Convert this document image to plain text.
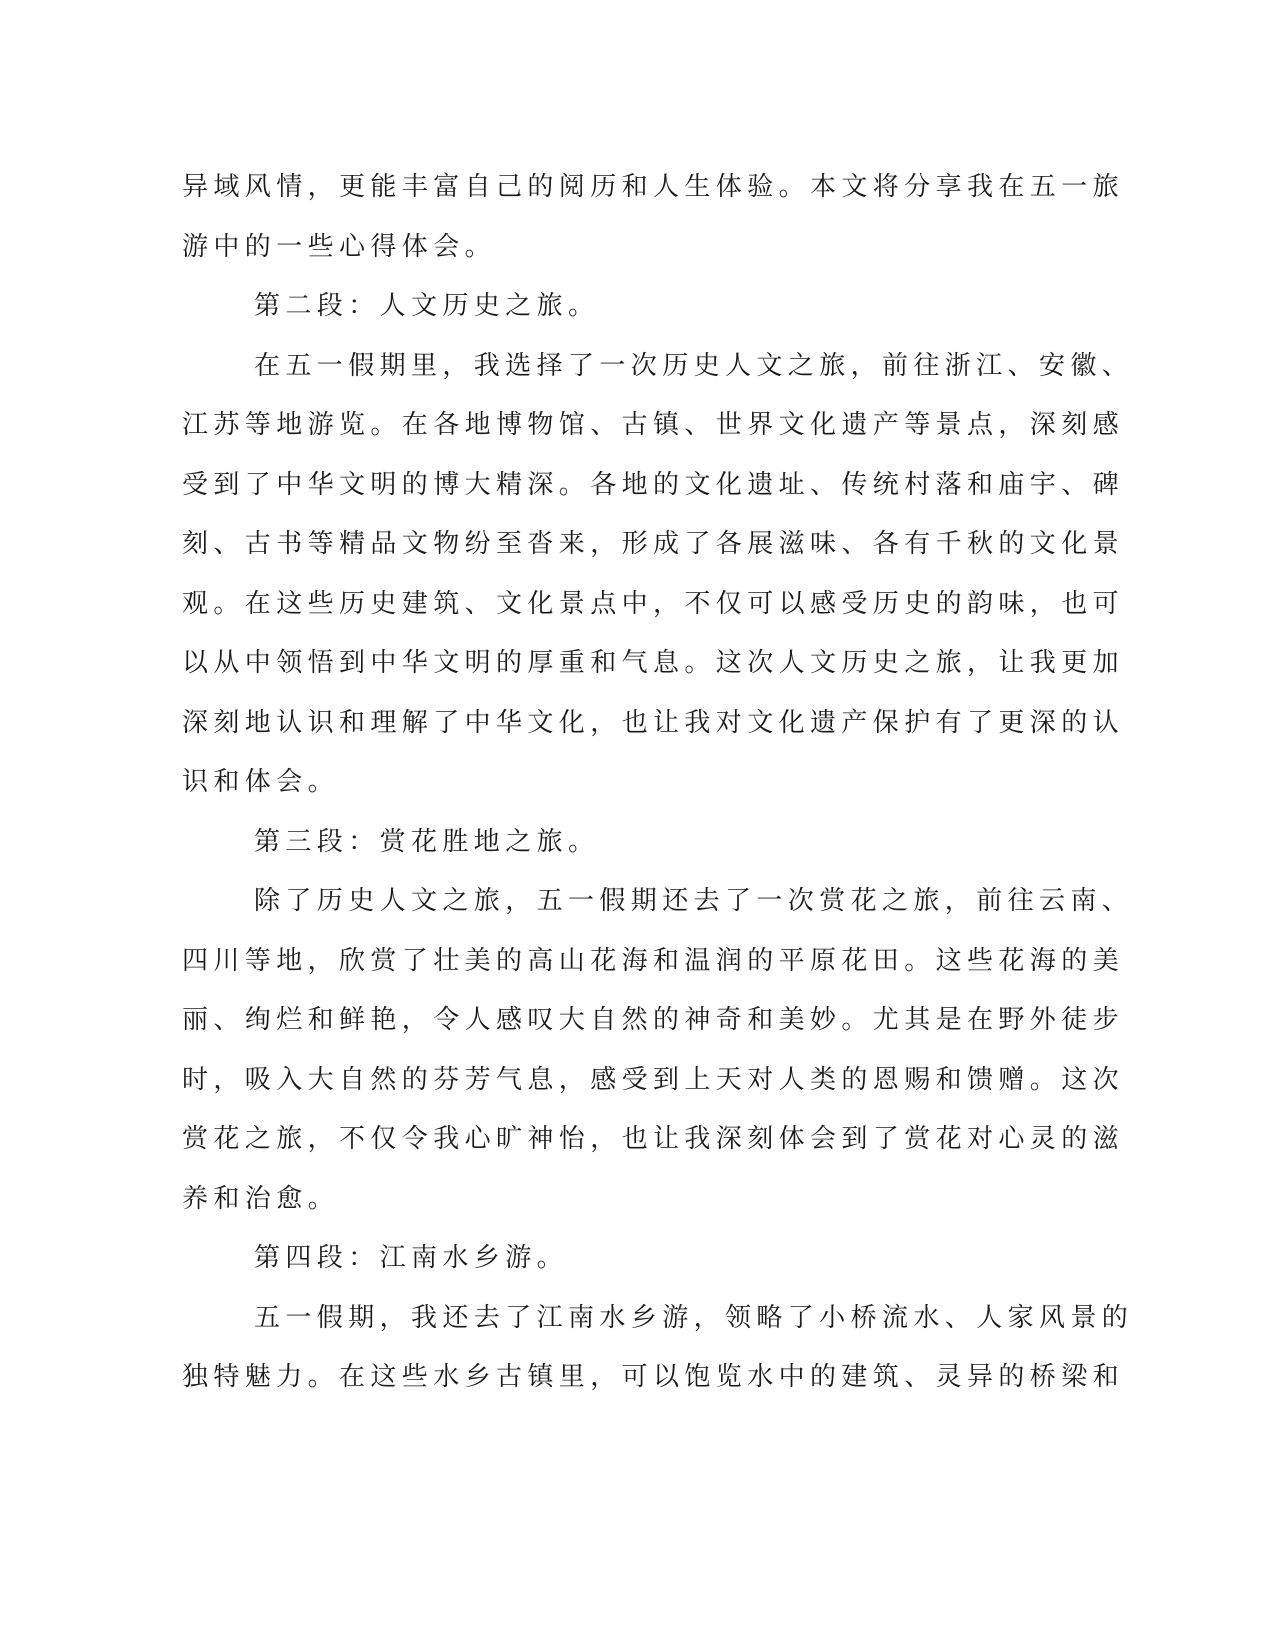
异域风情，更能丰富自己的阅历和人生体验。本文将分享我在五一旅
游中的一些心得体会。
第二段：人文历史之旅。
在五一假期里，我选择了一次历史人文之旅，前往浙江、安徽、
江苏等地游览。在各地博物馆、古镇、世界文化遗产等景点，深刻感
受到了中华文明的博大精深。各地的文化遗址、传统村落和庙宇、碑
刻、古书等精品文物纷至沓来，形成了各展滋味、各有千秋的文化景
观。在这些历史建筑、文化景点中，不仅可以感受历史的韵味，也可
以从中领悟到中华文明的厚重和气息。这次人文历史之旅，让我更加
深刻地认识和理解了中华文化，也让我对文化遗产保护有了更深的认
识和体会。
第三段：赏花胜地之旅。
除了历史人文之旅，五一假期还去了一次赏花之旅，前往云南、
四川等地，欣赏了壮美的高山花海和温润的平原花田。这些花海的美
丽、绚烂和鲜艳，令人感叹大自然的神奇和美妙。尤其是在野外徒步
时，吸入大自然的芬芳气息，感受到上天对人类的恩赐和馈赠。这次
赏花之旅，不仅令我心旷神怡，也让我深刻体会到了赏花对心灵的滋
养和治愈。
第四段：江南水乡游。
五一假期，我还去了江南水乡游，领略了小桥流水、人家风景的
独特魅力。在这些水乡古镇里，可以饱览水中的建筑、灵异的桥梁和
